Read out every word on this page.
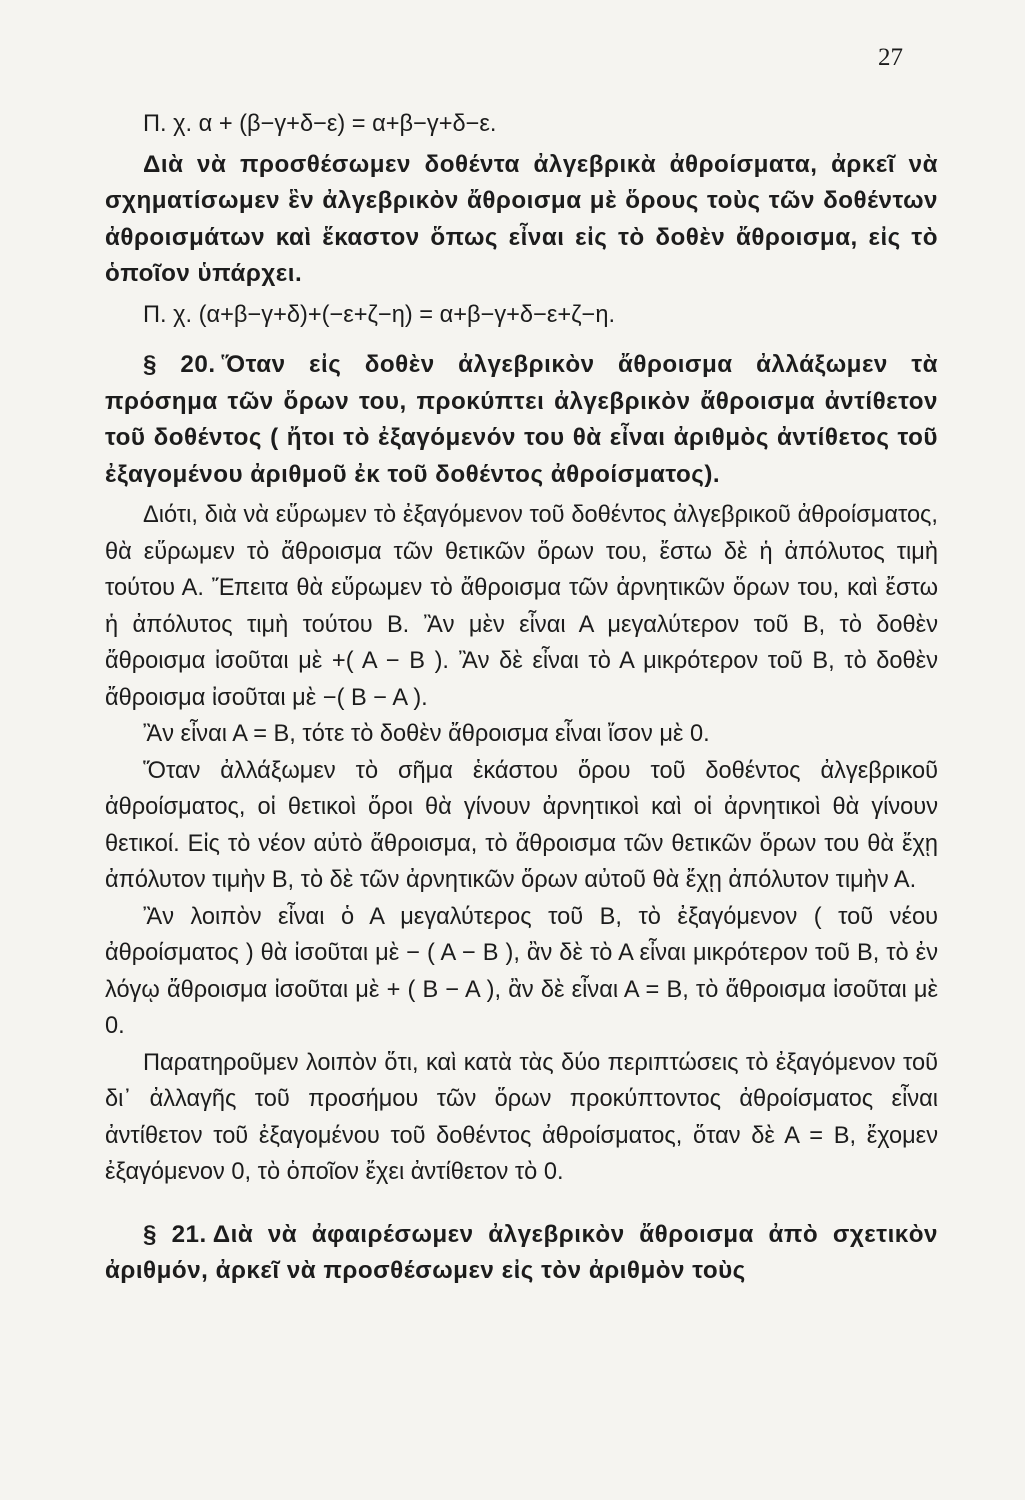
27

Π. χ. α + (β−γ+δ−ε) = α+β−γ+δ−ε.

Διὰ νὰ προσθέσωμεν δοθέντα ἀλγεβρικὰ ἀθροίσματα, ἀρκεῖ νὰ σχηματίσωμεν ἓν ἀλγεβρικὸν ἄθροισμα μὲ ὅρους τοὺς τῶν δοθέντων ἀθροισμάτων καὶ ἕκαστον ὅπως εἶναι εἰς τὸ δοθὲν ἄθροισμα, εἰς τὸ ὁποῖον ὑπάρχει.

Π. χ. (α+β−γ+δ)+(−ε+ζ−η) = α+β−γ+δ−ε+ζ−η.

§ 20. Ὅταν εἰς δοθὲν ἀλγεβρικὸν ἄθροισμα ἀλλάξωμεν τὰ πρόσημα τῶν ὅρων του, προκύπτει ἀλγεβρικὸν ἄθροισμα ἀντίθετον τοῦ δοθέντος ( ἤτοι τὸ ἐξαγόμενόν του θὰ εἶναι ἀριθμὸς ἀντίθετος τοῦ ἐξαγομένου ἀριθμοῦ ἐκ τοῦ δοθέντος ἀθροίσματος).

Διότι, διὰ νὰ εὕρωμεν τὸ ἐξαγόμενον τοῦ δοθέντος ἀλγεβρικοῦ ἀθροίσματος, θὰ εὕρωμεν τὸ ἄθροισμα τῶν θετικῶν ὅρων του, ἔστω δὲ ἡ ἀπόλυτος τιμὴ τούτου Α. Ἔπειτα θὰ εὕρωμεν τὸ ἄθροισμα τῶν ἀρνητικῶν ὅρων του, καὶ ἔστω ἡ ἀπόλυτος τιμὴ τούτου Β. Ἂν μὲν εἶναι Α μεγαλύτερον τοῦ Β, τὸ δοθὲν ἄθροισμα ἰσοῦται μὲ +( Α − Β ). Ἂν δὲ εἶναι τὸ Α μικρότερον τοῦ Β, τὸ δοθὲν ἄθροισμα ἰσοῦται μὲ −( Β − Α ).

Ἂν εἶναι Α = Β, τότε τὸ δοθὲν ἄθροισμα εἶναι ἴσον μὲ 0.

Ὅταν ἀλλάξωμεν τὸ σῆμα ἑκάστου ὅρου τοῦ δοθέντος ἀλγεβρικοῦ ἀθροίσματος, οἱ θετικοὶ ὅροι θὰ γίνουν ἀρνητικοὶ καὶ οἱ ἀρνητικοὶ θὰ γίνουν θετικοί. Εἰς τὸ νέον αὐτὸ ἄθροισμα, τὸ ἄθροισμα τῶν θετικῶν ὅρων του θὰ ἔχῃ ἀπόλυτον τιμὴν Β, τὸ δὲ τῶν ἀρνητικῶν ὅρων αὐτοῦ θὰ ἔχῃ ἀπόλυτον τιμὴν Α.

Ἂν λοιπὸν εἶναι ὁ Α μεγαλύτερος τοῦ Β, τὸ ἐξαγόμενον ( τοῦ νέου ἀθροίσματος ) θὰ ἰσοῦται μὲ − ( Α − Β ), ἂν δὲ τὸ Α εἶναι μικρότερον τοῦ Β, τὸ ἐν λόγῳ ἄθροισμα ἰσοῦται μὲ + ( Β − Α ), ἂν δὲ εἶναι Α = Β, τὸ ἄθροισμα ἰσοῦται μὲ 0.

Παρατηροῦμεν λοιπὸν ὅτι, καὶ κατὰ τὰς δύο περιπτώσεις τὸ ἐξαγόμενον τοῦ δι᾽ ἀλλαγῆς τοῦ προσήμου τῶν ὅρων προκύπτοντος ἀθροίσματος εἶναι ἀντίθετον τοῦ ἐξαγομένου τοῦ δοθέντος ἀθροίσματος, ὅταν δὲ Α = Β, ἔχομεν ἐξαγόμενον 0, τὸ ὁποῖον ἔχει ἀντίθετον τὸ 0.

§ 21. Διὰ νὰ ἀφαιρέσωμεν ἀλγεβρικὸν ἄθροισμα ἀπὸ σχετικὸν ἀριθμόν, ἀρκεῖ νὰ προσθέσωμεν εἰς τὸν ἀριθμὸν τοὺς
